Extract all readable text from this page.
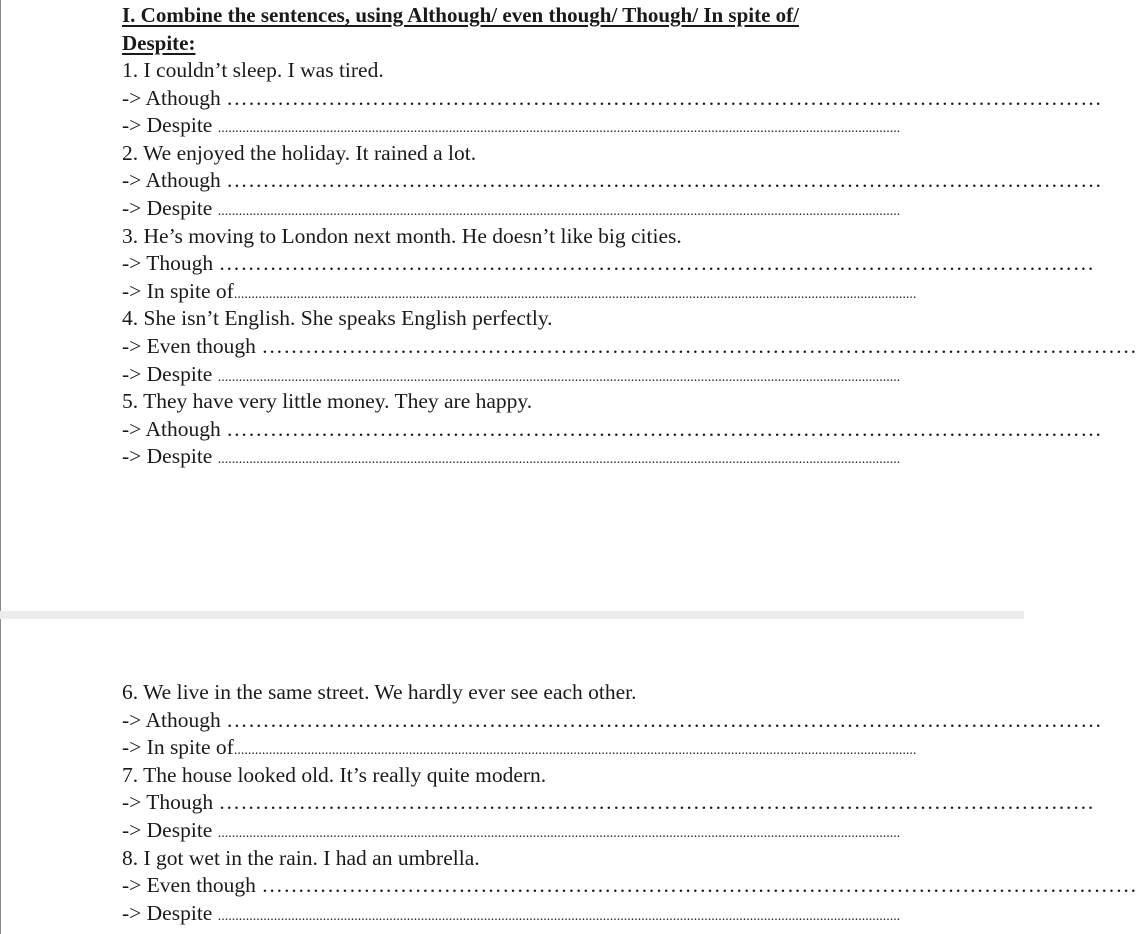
I. Combine the sentences, using Although/ even though/ Though/ In spite of/
Despite:
1. I couldn’t sleep. I was tired.
-> Athough …………………………………………………………………………………………………………
-> Despite ...................................................................................................................................................................................................
2. We enjoyed the holiday. It rained a lot.
-> Athough …………………………………………………………………………………………………………
-> Despite ...................................................................................................................................................................................................
3. He’s moving to London next month. He doesn’t like big cities.
-> Though …………………………………………………………………………………………………………
-> In spite of ...................................................................................................................................................................................................
4. She isn’t English. She speaks English perfectly.
-> Even though …………………………………………………………………………………………………………
-> Despite ...................................................................................................................................................................................................
5. They have very little money. They are happy.
-> Athough …………………………………………………………………………………………………………
-> Despite ...................................................................................................................................................................................................
6. We live in the same street. We hardly ever see each other.
-> Athough …………………………………………………………………………………………………………
-> In spite of ...................................................................................................................................................................................................
7. The house looked old. It’s really quite modern.
-> Though …………………………………………………………………………………………………………
-> Despite ...................................................................................................................................................................................................
8. I got wet in the rain. I had an umbrella.
-> Even though …………………………………………………………………………………………………………
-> Despite ...................................................................................................................................................................................................
